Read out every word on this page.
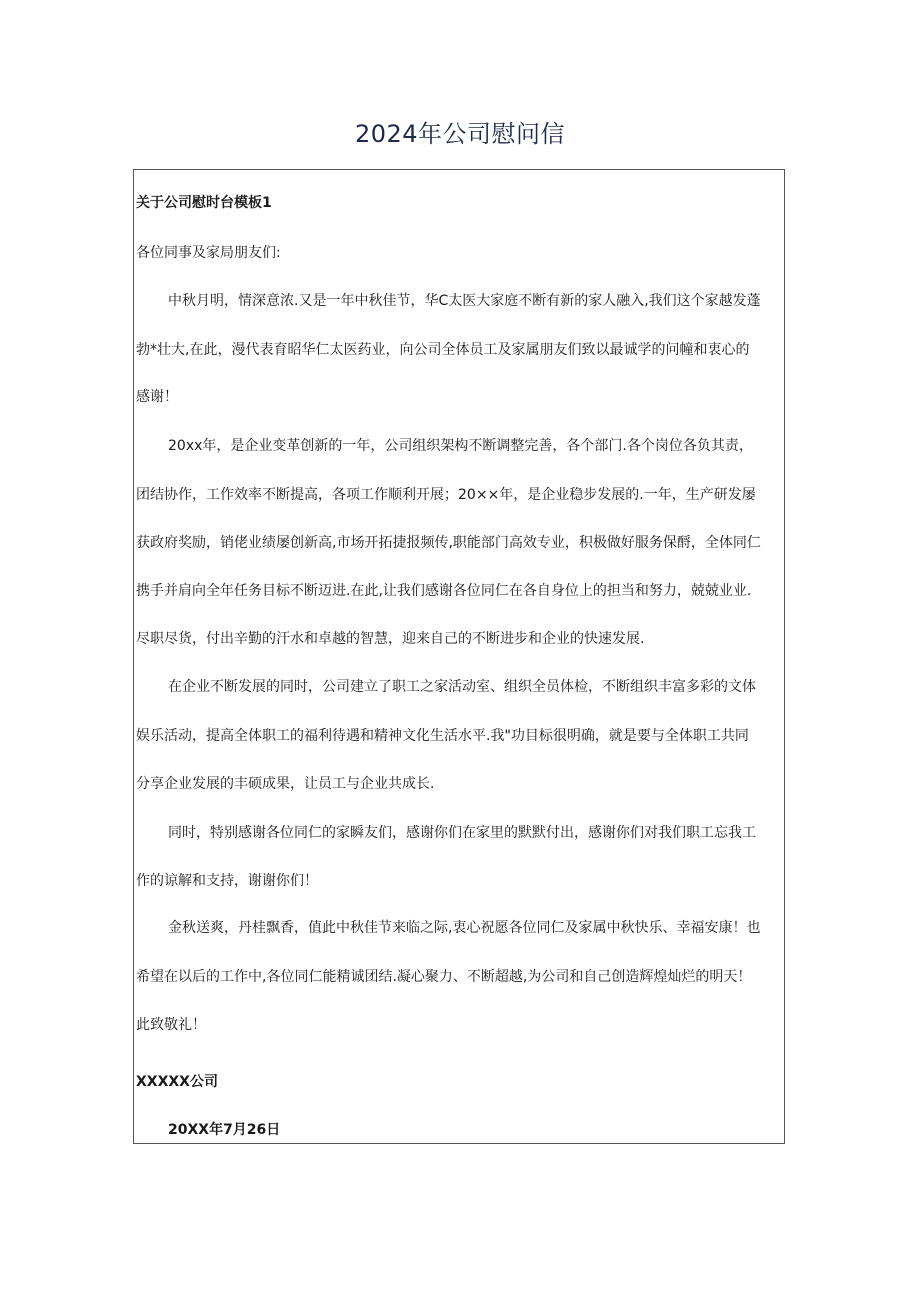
2024年公司慰问信
关于公司慰时台模板1
各位同事及家局朋友们:
中秋月明，情深意浓.又是一年中秋佳节，华C太医大家庭不断有新的家人融入,我们这个家越发蓬
勃*壮大,在此，漫代表育昭华仁太医药业，向公司全体员工及家属朋友们致以最诚学的问幢和衷心的
感谢！
20xx年，是企业变革创新的一年，公司组织架构不断调整完善，各个部门.各个岗位各负其责，
团结协作，工作效率不断提高，各项工作顺利开展；20××年，是企业稳步发展的.一年，生产研发屡
获政府奖励，销佬业绩屡创新高,市场开拓捷报频传,职能部门高效专业，积极做好服务保酹，全体同仁
携手并肩向全年任务目标不断迈进.在此,让我们感谢各位同仁在各自身位上的担当和努力，兢兢业业.
尽职尽货，付出辛勤的汗水和卓越的智慧，迎来自己的不断进步和企业的快速发展.
在企业不断发展的同时，公司建立了职工之家活动室、组织全员体检，不断组织丰富多彩的文体
娱乐活动，提高全体职工的福利待遇和精神文化生活水平.我"功目标很明确，就是要与全体职工共同
分享企业发展的丰硕成果，让员工与企业共成长.
同时，特别感谢各位同仁的家瞬友们，感谢你们在家里的默默付出，感谢你们对我们职工忘我工
作的谅解和支持，谢谢你们！
金秋送爽，丹桂飘香，值此中秋佳节来临之际,衷心祝愿各位同仁及家属中秋快乐、幸福安康！也
希望在以后的工作中,各位同仁能精诚团结.凝心聚力、不断超越,为公司和自己创造辉煌灿烂的明天！
此致敬礼！
XXXXX公司
20XX年7月26日
